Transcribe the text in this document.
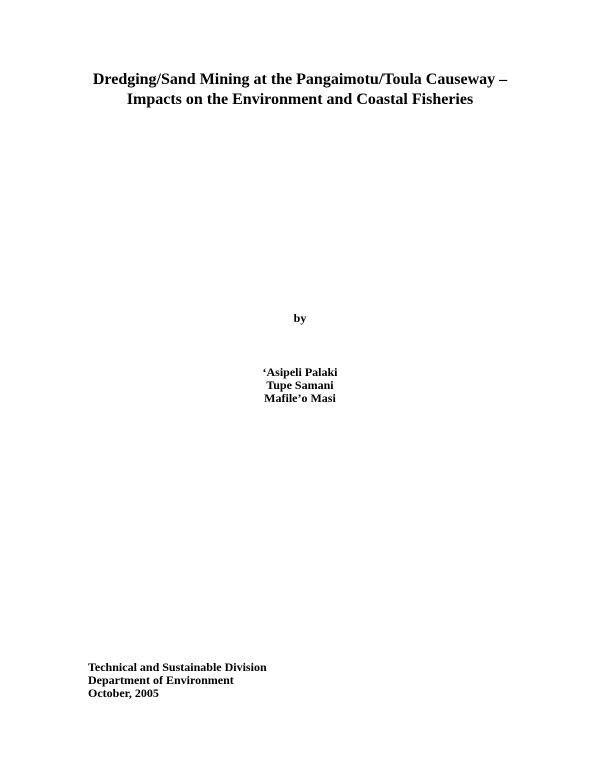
Dredging/Sand Mining at the Pangaimotu/Toula Causeway –
Impacts on the Environment and Coastal Fisheries
by
‘Asipeli Palaki
Tupe Samani
Mafile’o Masi
Technical and Sustainable Division
Department of Environment
October, 2005
